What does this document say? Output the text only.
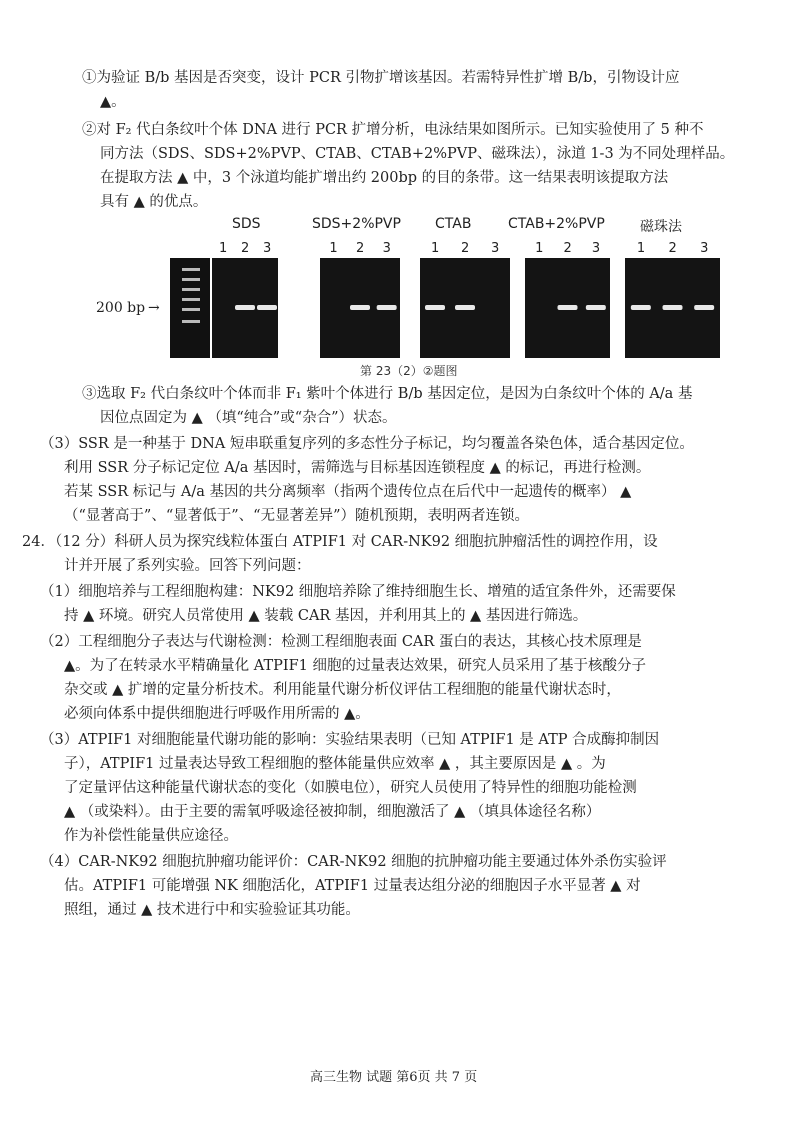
①为验证 B/b 基因是否突变，设计 PCR 引物扩增该基因。若需特异性扩增 B/b，引物设计应
▲。
②对 F₂ 代白条纹叶个体 DNA 进行 PCR 扩增分析，电泳结果如图所示。已知实验使用了 5 种不
同方法（SDS、SDS+2%PVP、CTAB、CTAB+2%PVP、磁珠法），泳道 1-3 为不同处理样品。
在提取方法 ▲ 中，3 个泳道均能扩增出约 200bp 的目的条带。这一结果表明该提取方法
具有 ▲ 的优点。
③选取 F₂ 代白条纹叶个体而非 F₁ 紫叶个体进行 B/b 基因定位，是因为白条纹叶个体的 A/a 基
因位点固定为 ▲ （填“纯合”或“杂合”）状态。
（3）SSR 是一种基于 DNA 短串联重复序列的多态性分子标记，均匀覆盖各染色体，适合基因定位。
利用 SSR 分子标记定位 A/a 基因时，需筛选与目标基因连锁程度 ▲ 的标记，再进行检测。
若某 SSR 标记与 A/a 基因的共分离频率（指两个遗传位点在后代中一起遗传的概率） ▲
（“显著高于”、“显著低于”、“无显著差异”）随机预期，表明两者连锁。
24．（12 分）科研人员为探究线粒体蛋白 ATPIF1 对 CAR-NK92 细胞抗肿瘤活性的调控作用，设
计并开展了系列实验。回答下列问题：
（1）细胞培养与工程细胞构建：NK92 细胞培养除了维持细胞生长、增殖的适宜条件外，还需要保
持 ▲ 环境。研究人员常使用 ▲ 装载 CAR 基因，并利用其上的 ▲ 基因进行筛选。
（2）工程细胞分子表达与代谢检测：检测工程细胞表面 CAR 蛋白的表达，其核心技术原理是
▲。为了在转录水平精确量化 ATPIF1 细胞的过量表达效果，研究人员采用了基于核酸分子
杂交或 ▲ 扩增的定量分析技术。利用能量代谢分析仪评估工程细胞的能量代谢状态时，
必须向体系中提供细胞进行呼吸作用所需的 ▲。
（3）ATPIF1 对细胞能量代谢功能的影响：实验结果表明（已知 ATPIF1 是 ATP 合成酶抑制因
子），ATPIF1 过量表达导致工程细胞的整体能量供应效率 ▲ ，其主要原因是 ▲ 。为
了定量评估这种能量代谢状态的变化（如膜电位），研究人员使用了特异性的细胞功能检测
▲ （或染料）。由于主要的需氧呼吸途径被抑制，细胞激活了 ▲ （填具体途径名称）
作为补偿性能量供应途径。
（4）CAR-NK92 细胞抗肿瘤功能评价：CAR-NK92 细胞的抗肿瘤功能主要通过体外杀伤实验评
估。ATPIF1 可能增强 NK 细胞活化，ATPIF1 过量表达组分泌的细胞因子水平显著 ▲ 对
照组，通过 ▲ 技术进行中和实验验证其功能。
SDS	SDS+2%PVP CTAB	CTAB+2%PVP	磁珠法
1 2 3	1 2 3	1 2 3	1 2 3	1 2 3
200 bp →
第 23（2）②题图
高三生物 试题 第6页 共 7 页
